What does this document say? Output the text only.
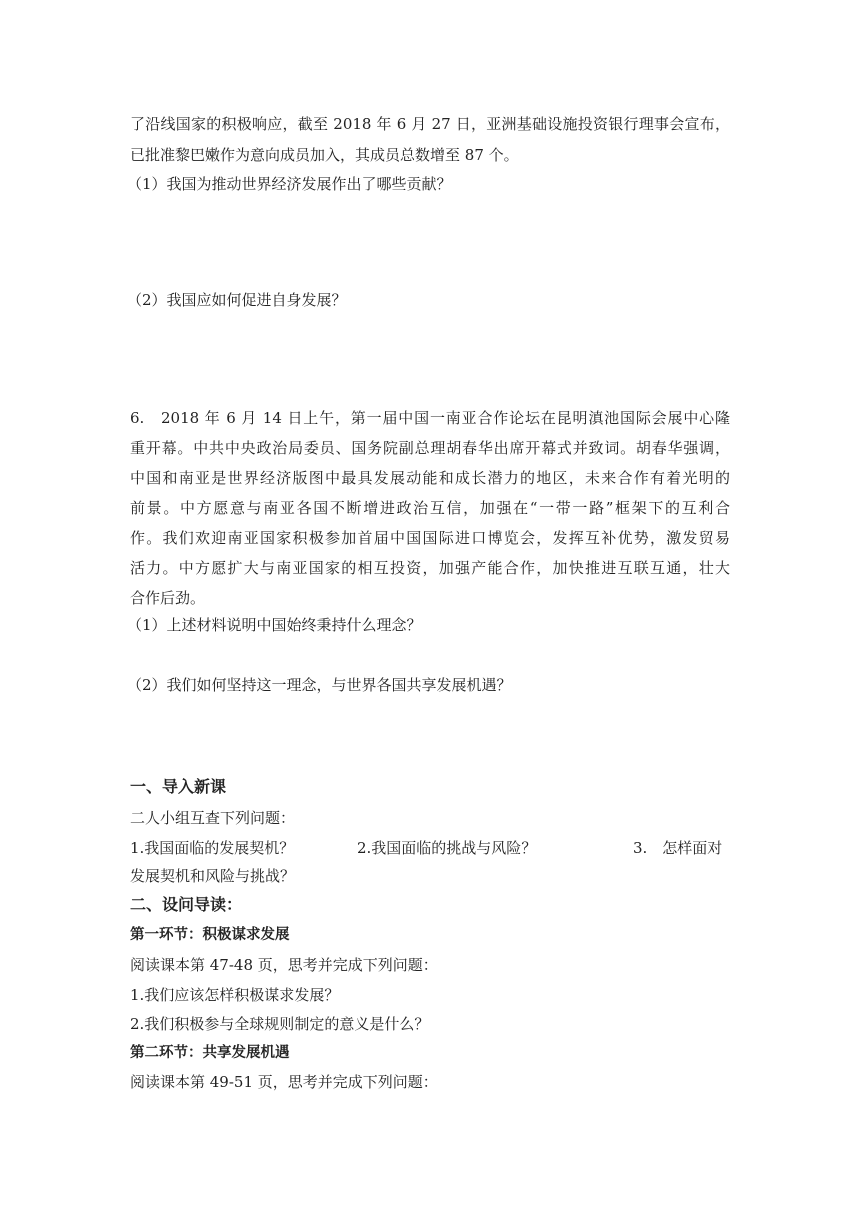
了沿线国家的积极响应，截至 2018 年 6 月 27 日，亚洲基础设施投资银行理事会宣布，
已批准黎巴嫩作为意向成员加入，其成员总数增至 87 个。
（1）我国为推动世界经济发展作出了哪些贡献？
（2）我国应如何促进自身发展？
6.　2018 年 6 月 14 日上午，第一届中国一南亚合作论坛在昆明滇池国际会展中心隆
重开幕。中共中央政治局委员、国务院副总理胡春华出席开幕式并致词。胡春华强调，
中国和南亚是世界经济版图中最具发展动能和成长潜力的地区，未来合作有着光明的
前景。中方愿意与南亚各国不断增进政治互信，加强在“一带一路”框架下的互利合
作。我们欢迎南亚国家积极参加首届中国国际进口博览会，发挥互补优势，激发贸易
活力。中方愿扩大与南亚国家的相互投资，加强产能合作，加快推进互联互通，壮大
合作后劲。
（1）上述材料说明中国始终秉持什么理念？
（2）我们如何坚持这一理念，与世界各国共享发展机遇？
一、导入新课
二人小组互查下列问题：
1.我国面临的发展契机？	2.我国面临的挑战与风险？	3.　怎样面对
发展契机和风险与挑战？
二、设问导读：
第一环节：积极谋求发展
阅读课本第 47-48 页，思考并完成下列问题：
1.我们应该怎样积极谋求发展？
2.我们积极参与全球规则制定的意义是什么？
第二环节：共享发展机遇
阅读课本第 49-51 页，思考并完成下列问题：
